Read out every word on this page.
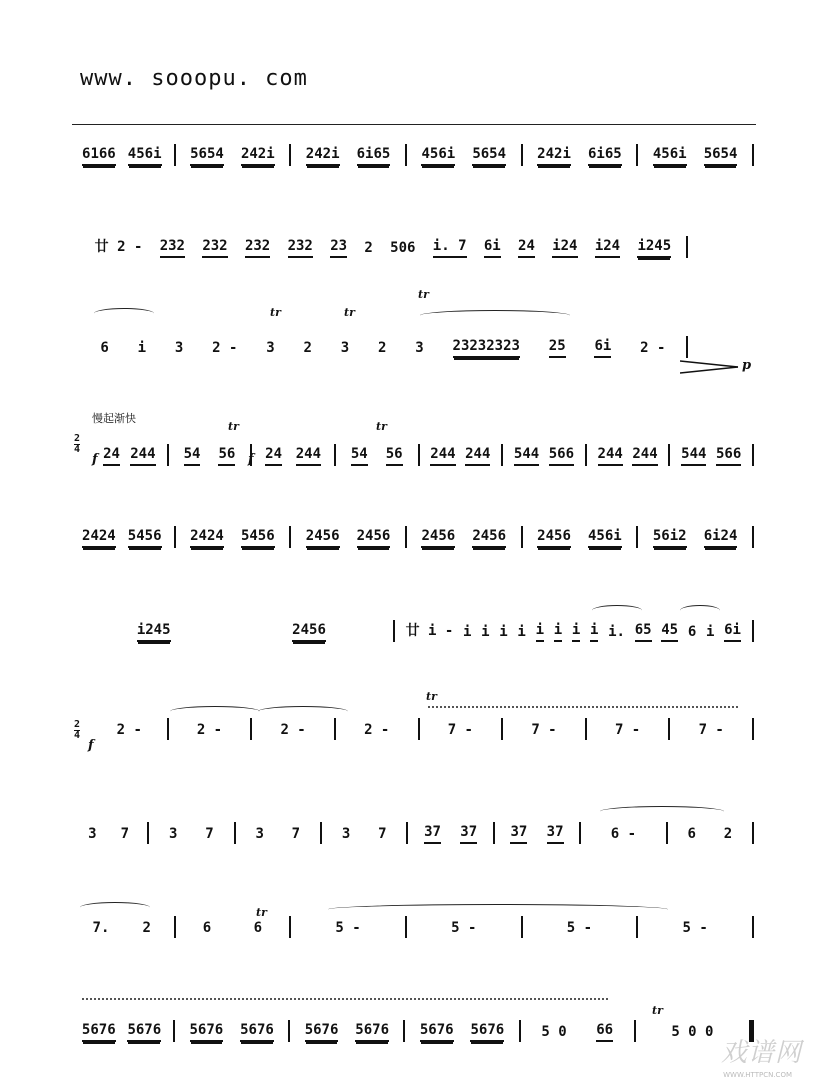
www. sooopu. com
6166 456i 5654 242i 242i 6i65 456i 5654 242i 6i65 456i 5654
廿 2 - 232 232 232 232 23 2 506 i. 7 6i 24 i24 i24 i245
6 i 3 2 - 3 2 3 2 3 23232323 25 6i 2 -
24 244 54 56 24 244 54 56 244 244 544 566 244 244 544 566
2424 5456 2424 5456 2456 2456 2456 2456 2456 456i 56i2 6i24
i245	2456	廿 i - i i i i i i i i i. 65 45 6 i 6i
2 -	2 -	2 -	2 -	7 -	7 -	7 -	7 -
3 7	3 7	3 7	3 7	37 37 37 37	6 -	6 2
7. 2	6	6	5 -	5 -	5 -	5 -
5676 5676 5676 5676 5676 5676 5676 5676	5 0 66	5 0 0
慢起渐快
$\frac{2}{4}$
$\frac{2}{4}$
f	f
f
p
tr	tr
tr
tr	tr
tr
tr
tr
戏谱网
WWW.HTTPCN.COM
